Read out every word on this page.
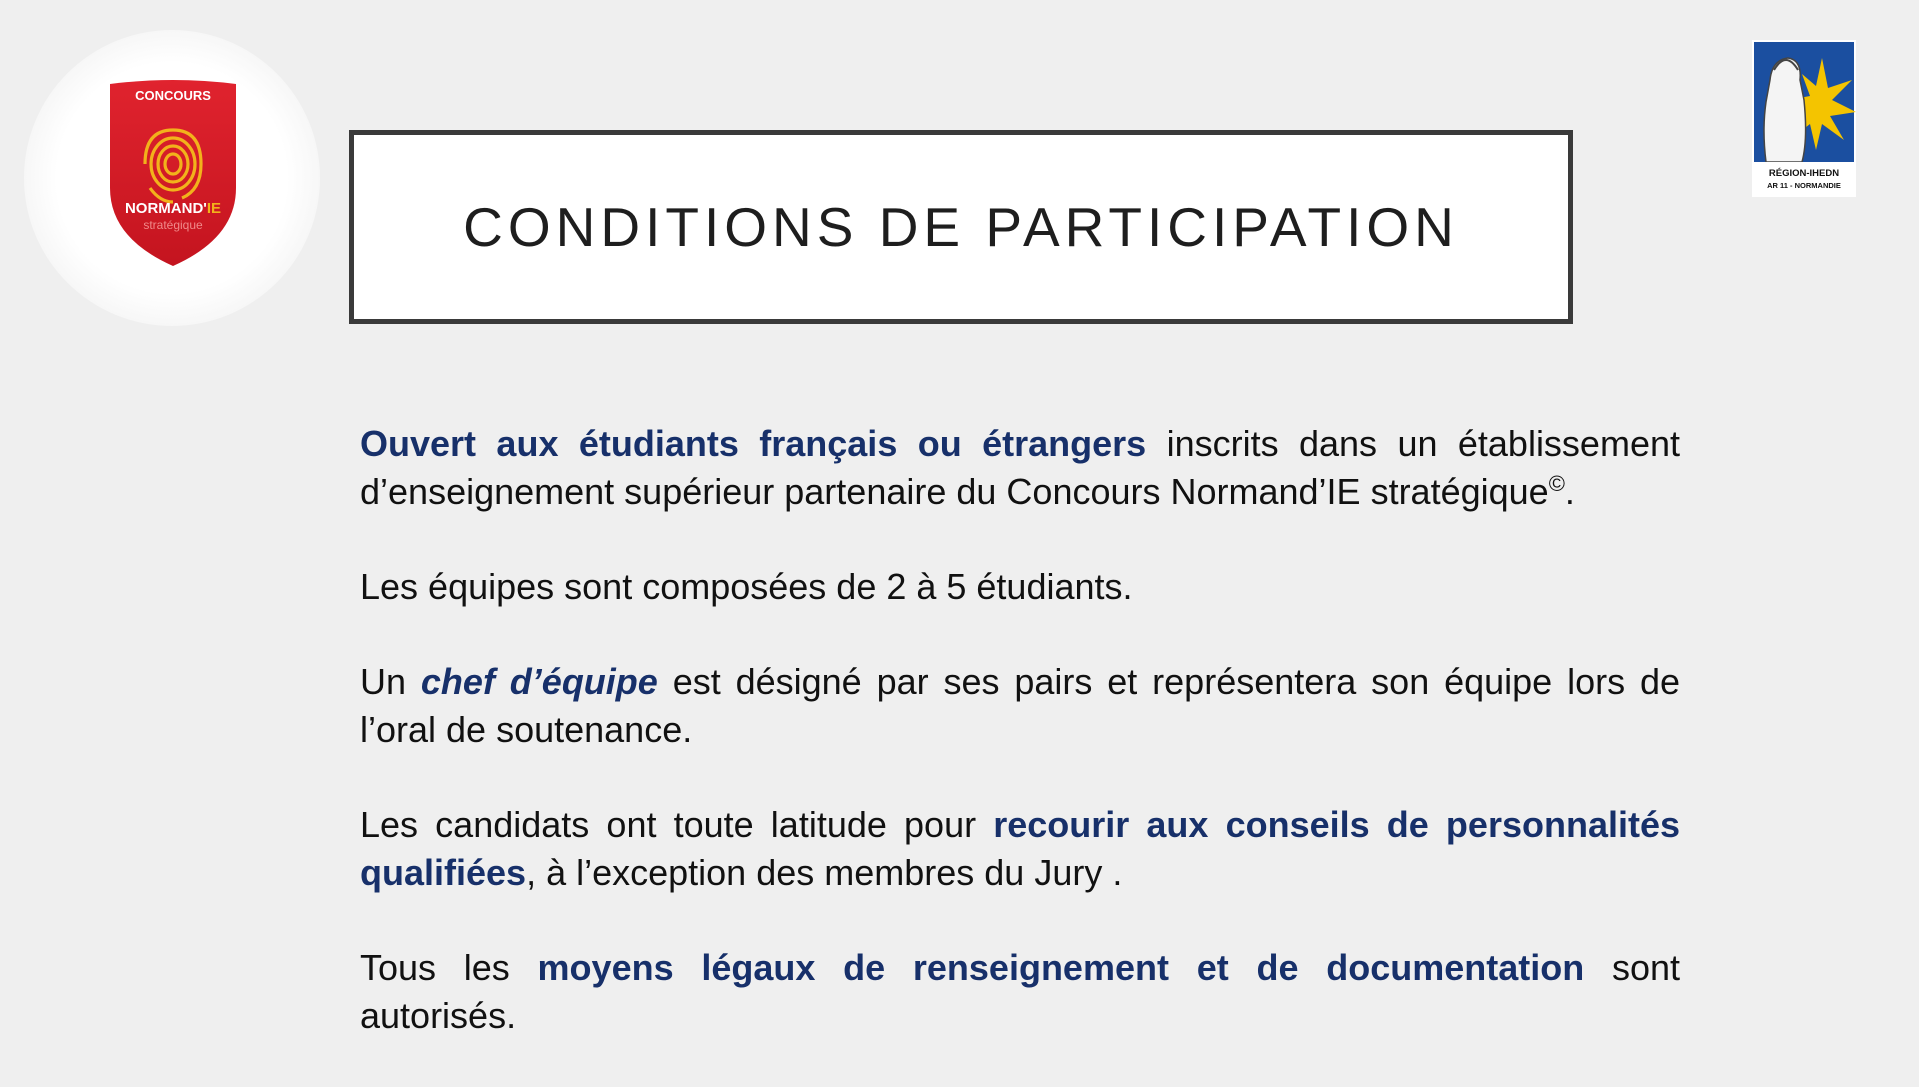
CONCOURS
NORMAND'IE
stratégique
RÉGION-IHEDN
AR 11 - NORMANDIE
CONDITIONS DE PARTICIPATION

Ouvert aux étudiants français ou étrangers inscrits dans un établissement d’enseignement supérieur partenaire du Concours Normand’IE stratégique©.

Les équipes sont composées de 2 à 5 étudiants.

Un chef d’équipe est désigné par ses pairs et représentera son équipe lors de l’oral de soutenance.

Les candidats ont toute latitude pour recourir aux conseils de personnalités qualifiées, à l’exception des membres du Jury .

Tous les moyens légaux de renseignement et de documentation sont autorisés.
